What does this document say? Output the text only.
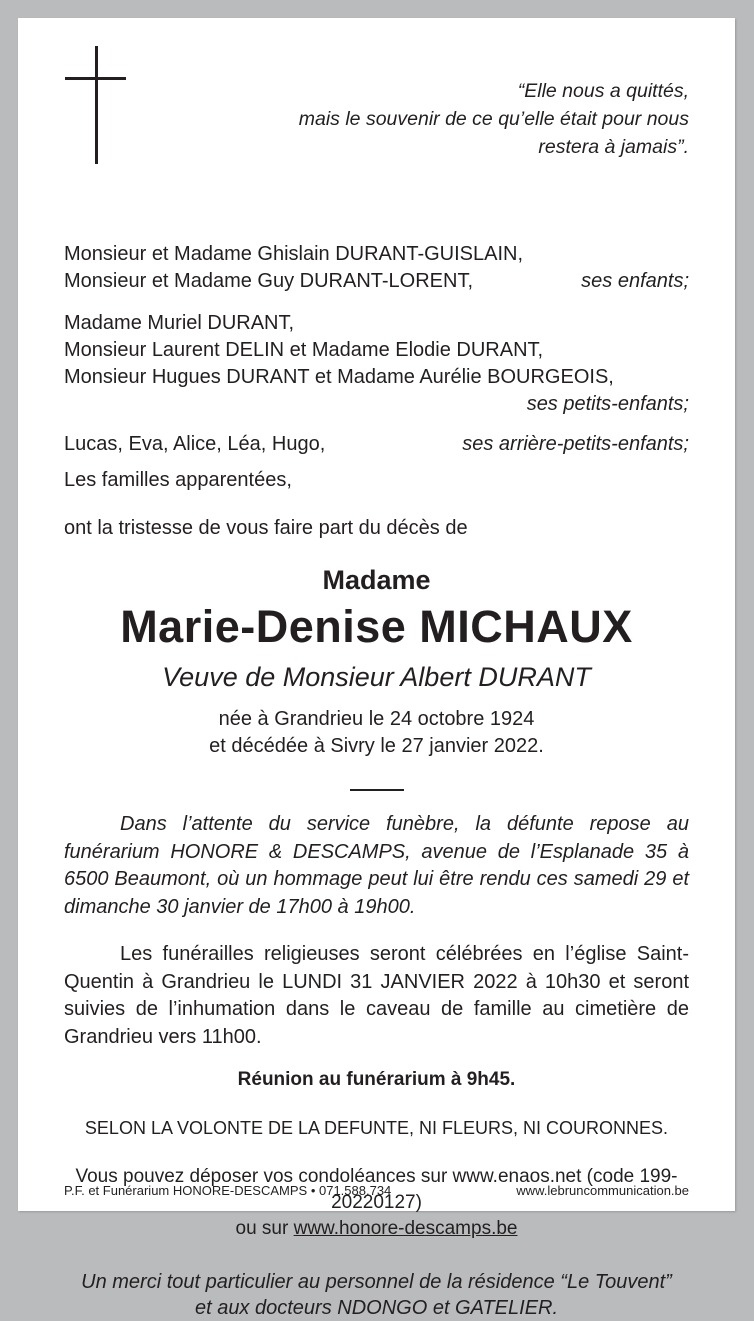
“Elle nous a quittés,
mais le souvenir de ce qu’elle était pour nous
restera à jamais”.
Monsieur et Madame Ghislain DURANT-GUISLAIN,
Monsieur et Madame Guy DURANT-LORENT,	ses enfants;
Madame Muriel DURANT,
Monsieur Laurent DELIN et Madame Elodie DURANT,
Monsieur Hugues DURANT et Madame Aurélie BOURGEOIS,
ses petits-enfants;
Lucas, Eva, Alice, Léa, Hugo,	ses arrière-petits-enfants;
Les familles apparentées,
ont la tristesse de vous faire part du décès de
Madame
Marie-Denise MICHAUX
Veuve de Monsieur Albert DURANT
née à Grandrieu le 24 octobre 1924
et décédée à Sivry le 27 janvier 2022.

Dans l’attente du service funèbre, la défunte repose au funérarium HONORE & DESCAMPS, avenue de l’Esplanade 35 à 6500 Beaumont, où un hommage peut lui être rendu ces samedi 29 et dimanche 30 janvier de 17h00 à 19h00.

Les funérailles religieuses seront célébrées en l’église Saint-Quentin à Grandrieu le LUNDI 31 JANVIER 2022 à 10h30 et seront suivies de l’inhumation dans le caveau de famille au cimetière de Grandrieu vers 11h00.

Réunion au funérarium à 9h45.
SELON LA VOLONTE DE LA DEFUNTE, NI FLEURS, NI COURONNES.
Vous pouvez déposer vos condoléances sur www.enaos.net (code 199-20220127)
ou sur www.honore-descamps.be
Un merci tout particulier au personnel de la résidence “Le Touvent”
et aux docteurs NDONGO et GATELIER.
P.F. et Funérarium HONORE-DESCAMPS • 071.588.734	www.lebruncommunication.be
